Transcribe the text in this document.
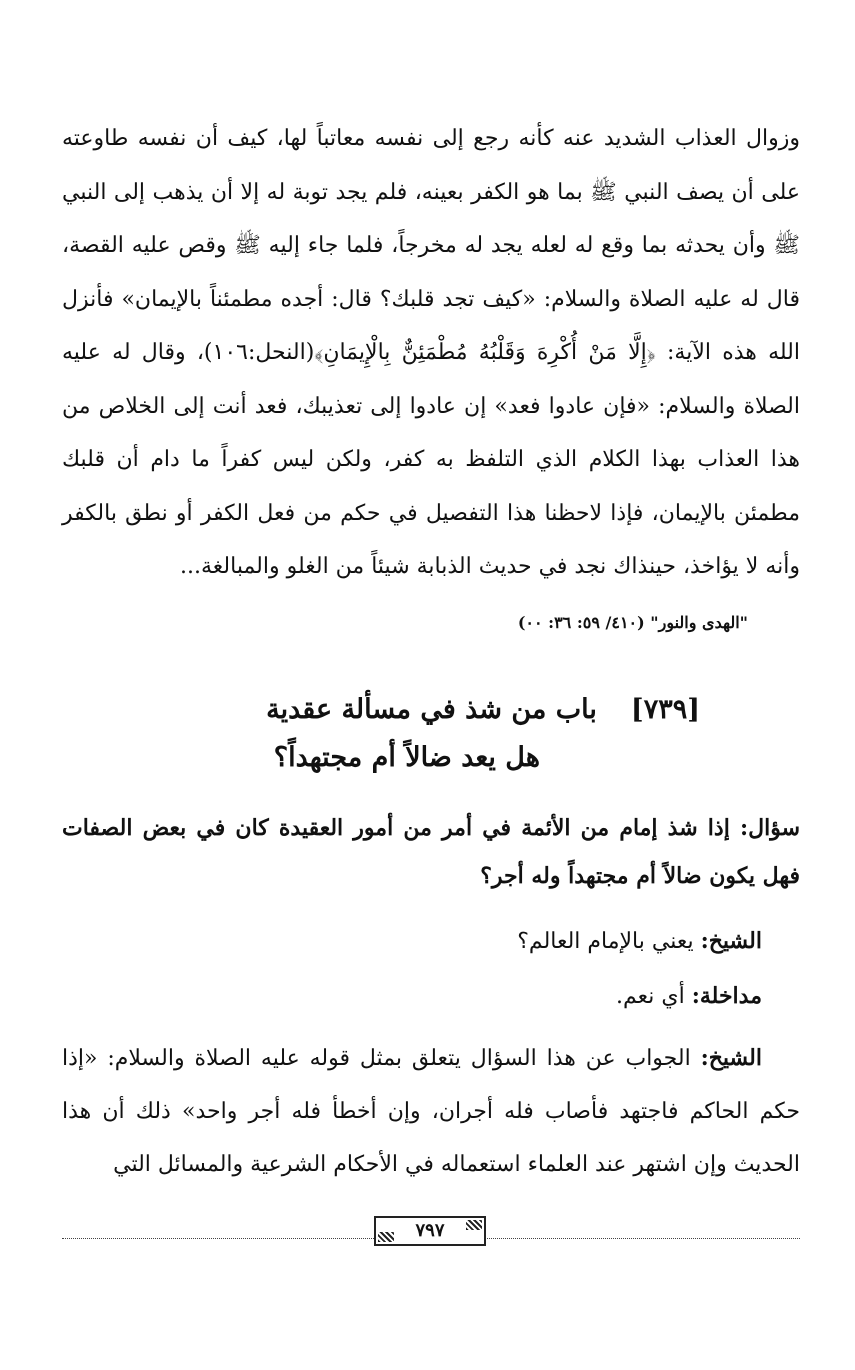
وزوال العذاب الشديد عنه كأنه رجع إلى نفسه معاتباً لها، كيف أن نفسه طاوعته على أن يصف النبي ﷺ بما هو الكفر بعينه، فلم يجد توبة له إلا أن يذهب إلى النبي ﷺ وأن يحدثه بما وقع له لعله يجد له مخرجاً، فلما جاء إليه ﷺ وقص عليه القصة، قال له عليه الصلاة والسلام: «كيف تجد قلبك؟ قال: أجده مطمئناً بالإيمان» فأنزل الله هذه الآية: ﴿إِلَّا مَنْ أُكْرِهَ وَقَلْبُهُ مُطْمَئِنٌّ بِالْإِيمَانِ﴾(النحل:١٠٦)، وقال له عليه الصلاة والسلام: «فإن عادوا فعد» إن عادوا إلى تعذيبك، فعد أنت إلى الخلاص من هذا العذاب بهذا الكلام الذي التلفظ به كفر، ولكن ليس كفراً ما دام أن قلبك مطمئن بالإيمان، فإذا لاحظنا هذا التفصيل في حكم من فعل الكفر أو نطق بالكفر وأنه لا يؤاخذ، حينذاك نجد في حديث الذبابة شيئاً من الغلو والمبالغة...

"الهدى والنور" (٤١٠/ ٥٩: ٣٦: ٠٠)

[٧٣٩]باب من شذ في مسألة عقدية
هل يعد ضالاً أم مجتهداً؟

سؤال: إذا شذ إمام من الأئمة في أمر من أمور العقيدة كان في بعض الصفات فهل يكون ضالاً أم مجتهداً وله أجر؟

الشيخ: يعني بالإمام العالم؟

مداخلة: أي نعم.

الشيخ: الجواب عن هذا السؤال يتعلق بمثل قوله عليه الصلاة والسلام: «إذا حكم الحاكم فاجتهد فأصاب فله أجران، وإن أخطأ فله أجر واحد» ذلك أن هذا الحديث وإن اشتهر عند العلماء استعماله في الأحكام الشرعية والمسائل التي

٧٩٧
